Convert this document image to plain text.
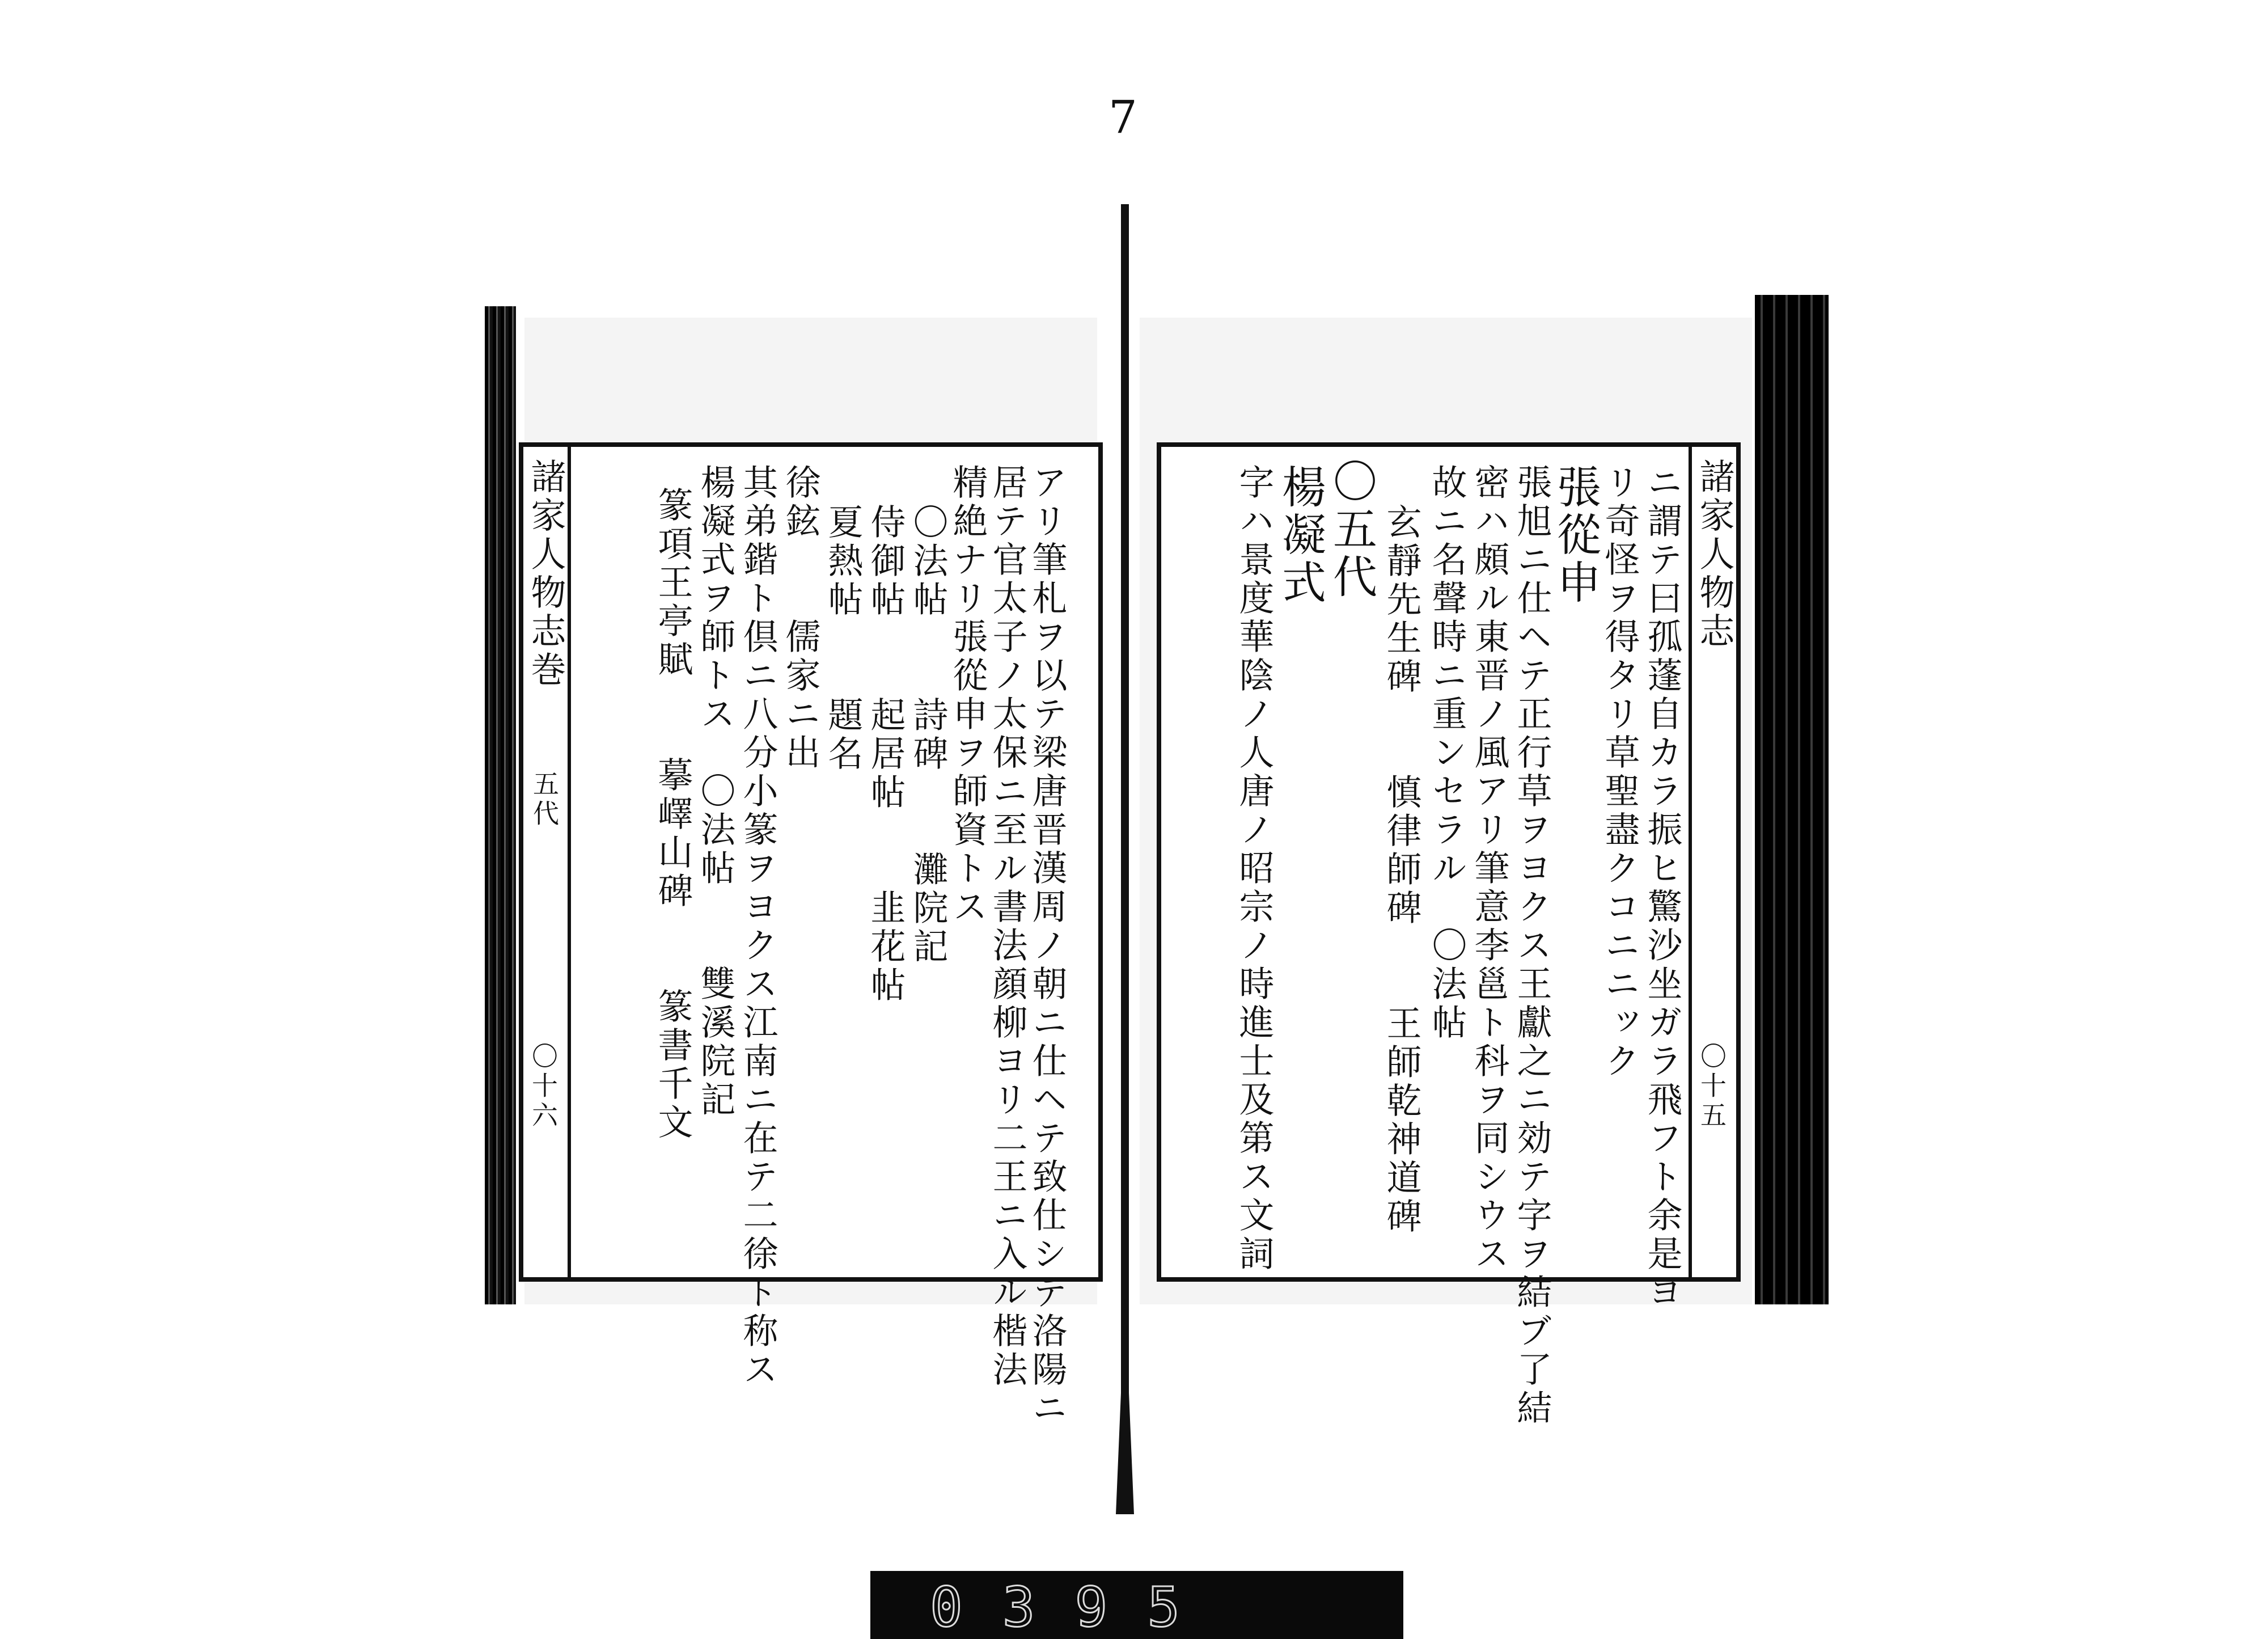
7
アリ筆札ヲ以テ梁唐晋漢周ノ朝ニ仕ヘテ致仕シテ洛陽ニ
居テ官太子ノ太保ニ至ル書法顔柳ヨリ二王ニ入ル楷法
精絶ナリ張從申ヲ師資トス
〇法帖　　詩碑　　灘院記
侍御帖　　起居帖　　韭花帖
夏熱帖　　題名
徐鉉　　儒家ニ出
其弟鍇ト倶ニ八分小篆ヲヨクス江南ニ在テ二徐ト称ス
楊凝式ヲ師トス　〇法帖　　雙溪院記
篆項王亭賦　　摹嶧山碑　　篆書千文
諸家人物志巻
五代
〇十六
諸家人物志
〇十五
ニ謂テ曰孤蓬自カラ振ヒ驚沙坐ガラ飛フト余是ヨ
リ奇怪ヲ得タリ草聖盡クコニニック
張從申
張旭ニ仕ヘテ正行草ヲヨクス王獻之ニ効テ字ヲ結ブ了結
密ハ頗ル東晋ノ風アリ筆意李邕ト科ヲ同シウス
故ニ名聲時ニ重ンセラル　〇法帖
玄靜先生碑　　慎律師碑　　王師乾神道碑
〇五代
楊凝式
字ハ景度華陰ノ人唐ノ昭宗ノ時進士及第ス文詞
0395
